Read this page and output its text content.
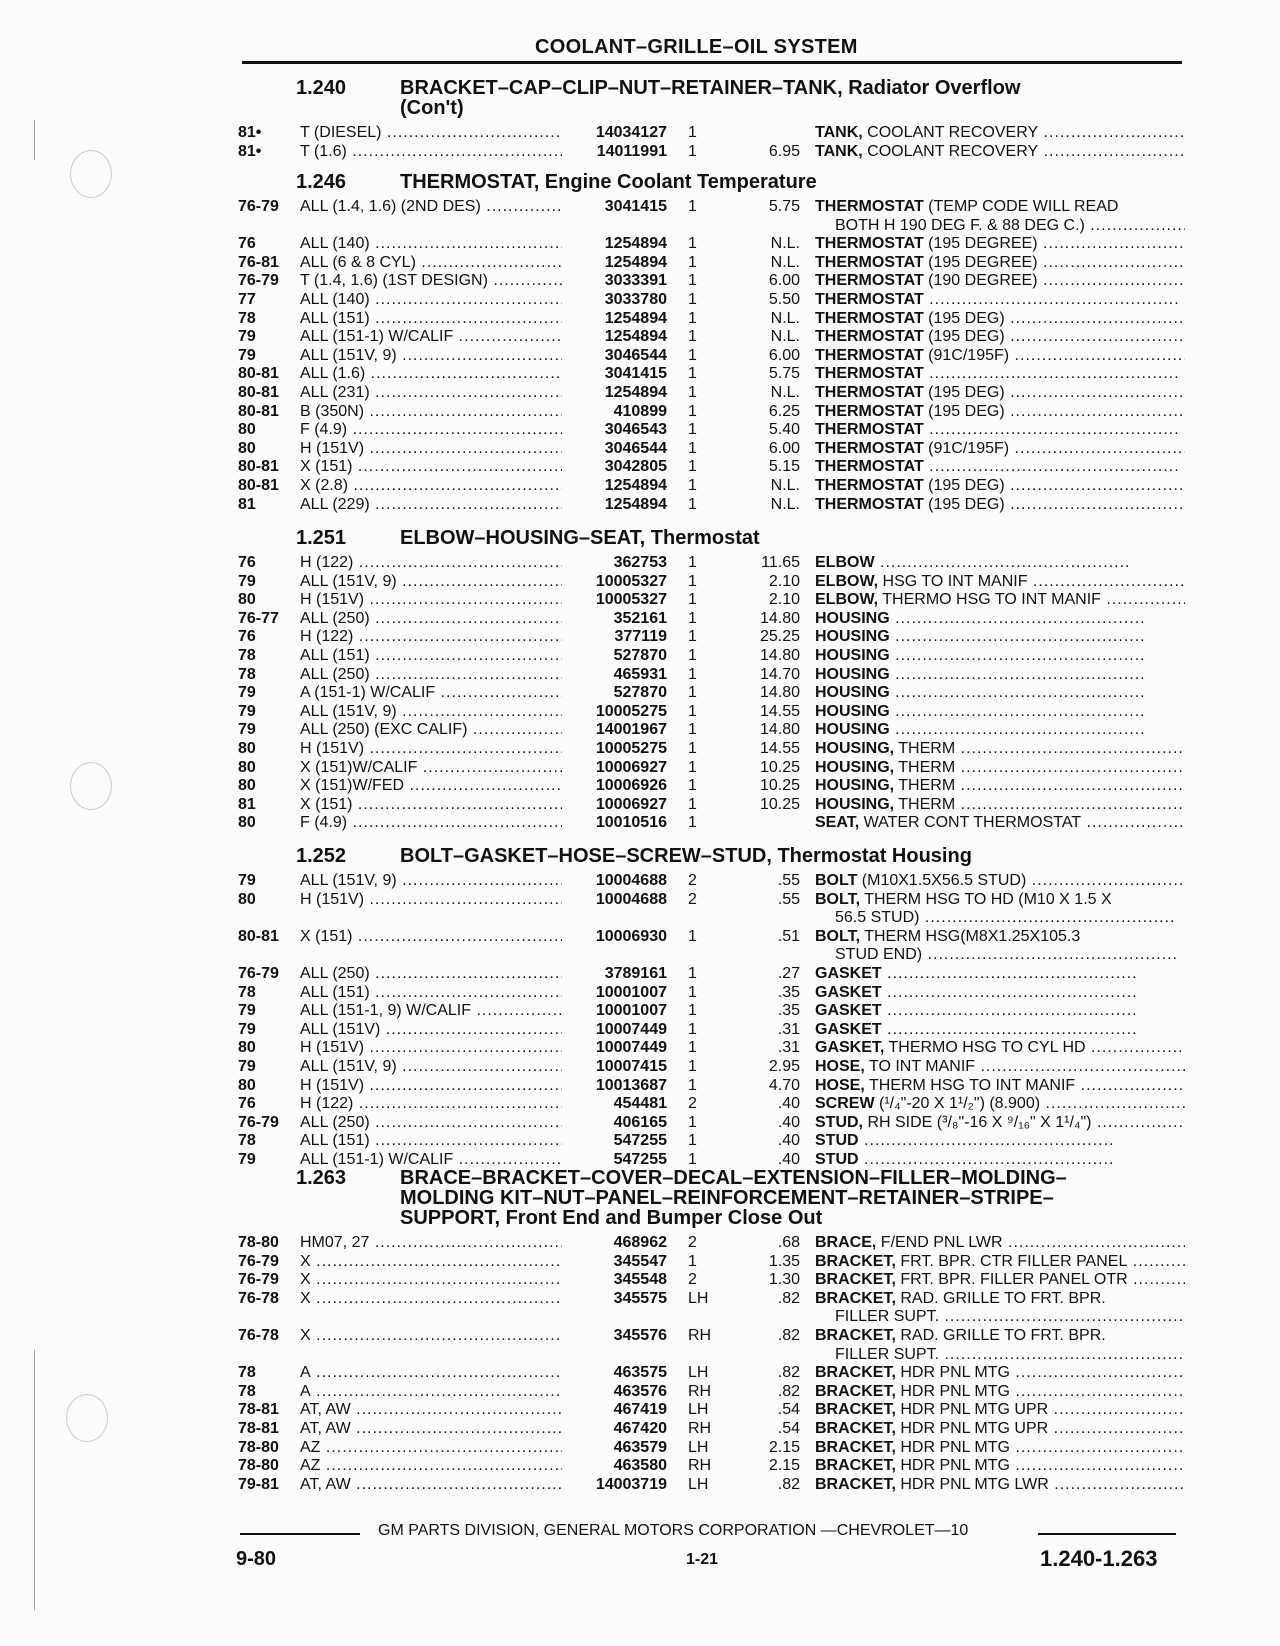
COOLANT–GRILLE–OIL SYSTEM
1.240	BRACKET–CAP–CLIP–NUT–RETAINER–TANK, Radiator Overflow
(Con't)
81•	T (DIESEL) .....	14034127 1	TANK, COOLANT RECOVERY .....
81•	T (1.6) .....	14011991 1	6.95 TANK, COOLANT RECOVERY .....
1.246	THERMOSTAT, Engine Coolant Temperature
76-79	ALL (1.4, 1.6) (2ND DES) .....	3041415 1	5.75 THERMOSTAT (TEMP CODE WILL READ
BOTH H 190 DEG F. & 88 DEG C.) .....
76	ALL (140) .....	1254894 1	N.L. THERMOSTAT (195 DEGREE) .....
76-81	ALL (6 & 8 CYL) .....	1254894 1	N.L. THERMOSTAT (195 DEGREE) .....
76-79	T (1.4, 1.6) (1ST DESIGN) .....	3033391 1	6.00 THERMOSTAT (190 DEGREE) .....
77	ALL (140) .....	3033780 1	5.50 THERMOSTAT .....
78	ALL (151) .....	1254894 1	N.L. THERMOSTAT (195 DEG) .....
79	ALL (151-1) W/CALIF .....	1254894 1	N.L. THERMOSTAT (195 DEG) .....
79	ALL (151V, 9) .....	3046544 1	6.00 THERMOSTAT (91C/195F) .....
80-81	ALL (1.6) .....	3041415 1	5.75 THERMOSTAT .....
80-81	ALL (231) .....	1254894 1	N.L. THERMOSTAT (195 DEG) .....
80-81	B (350N) .....	410899 1	6.25 THERMOSTAT (195 DEG) .....
80	F (4.9) .....	3046543 1	5.40 THERMOSTAT .....
80	H (151V) .....	3046544 1	6.00 THERMOSTAT (91C/195F) .....
80-81	X (151) .....	3042805 1	5.15 THERMOSTAT .....
80-81	X (2.8) .....	1254894 1	N.L. THERMOSTAT (195 DEG) .....
81	ALL (229) .....	1254894 1	N.L. THERMOSTAT (195 DEG) .....
1.251	ELBOW–HOUSING–SEAT, Thermostat
76	H (122) .....	362753 1	11.65 ELBOW .....
79	ALL (151V, 9) .....	10005327 1	2.10 ELBOW, HSG TO INT MANIF .....
80	H (151V) .....	10005327 1	2.10 ELBOW, THERMO HSG TO INT MANIF .....
76-77	ALL (250) .....	352161 1	14.80 HOUSING .....
76	H (122) .....	377119 1	25.25 HOUSING .....
78	ALL (151) .....	527870 1	14.80 HOUSING .....
78	ALL (250) .....	465931 1	14.70 HOUSING .....
79	A (151-1) W/CALIF .....	527870 1	14.80 HOUSING .....
79	ALL (151V, 9) .....	10005275 1	14.55 HOUSING .....
79	ALL (250) (EXC CALIF) .....	14001967 1	14.80 HOUSING .....
80	H (151V) .....	10005275 1	14.55 HOUSING, THERM .....
80	X (151)W/CALIF .....	10006927 1	10.25 HOUSING, THERM .....
80	X (151)W/FED .....	10006926 1	10.25 HOUSING, THERM .....
81	X (151) .....	10006927 1	10.25 HOUSING, THERM .....
80	F (4.9) .....	10010516 1	SEAT, WATER CONT THERMOSTAT .....
1.252	BOLT–GASKET–HOSE–SCREW–STUD, Thermostat Housing
79	ALL (151V, 9) .....	10004688 2	.55 BOLT (M10X1.5X56.5 STUD) .....
80	H (151V) .....	10004688 2	.55 BOLT, THERM HSG TO HD (M10 X 1.5 X
56.5 STUD) .....
80-81	X (151) .....	10006930 1	.51 BOLT, THERM HSG(M8X1.25X105.3
STUD END) .....
76-79	ALL (250) .....	3789161 1	.27 GASKET .....
78	ALL (151) .....	10001007 1	.35 GASKET .....
79	ALL (151-1, 9) W/CALIF .....	10001007 1	.35 GASKET .....
79	ALL (151V) .....	10007449 1	.31 GASKET .....
80	H (151V) .....	10007449 1	.31 GASKET, THERMO HSG TO CYL HD .....
79	ALL (151V, 9) .....	10007415 1	2.95 HOSE, TO INT MANIF .....
80	H (151V) .....	10013687 1	4.70 HOSE, THERM HSG TO INT MANIF .....
76	H (122) .....	454481 2	.40 SCREW (¹/₄"-20 X 1¹/₂") (8.900) .....
76-79	ALL (250) .....	406165 1	.40 STUD, RH SIDE (³/₈"-16 X ⁹/₁₆" X 1¹/₄") .....
78	ALL (151) .....	547255 1	.40 STUD .....
79	ALL (151-1) W/CALIF .....	547255 1	.40 STUD .....
1.263	BRACE–BRACKET–COVER–DECAL–EXTENSION–FILLER–MOLDING–
MOLDING KIT–NUT–PANEL–REINFORCEMENT–RETAINER–STRIPE–
SUPPORT, Front End and Bumper Close Out
78-80	HM07, 27 .....	468962 2	.68 BRACE, F/END PNL LWR .....
76-79	X .....	345547 1	1.35 BRACKET, FRT. BPR. CTR FILLER PANEL .....
76-79	X .....	345548 2	1.30 BRACKET, FRT. BPR. FILLER PANEL OTR .....
76-78	X .....	345575 LH	.82 BRACKET, RAD. GRILLE TO FRT. BPR.
FILLER SUPT. .....
76-78	X .....	345576 RH	.82 BRACKET, RAD. GRILLE TO FRT. BPR.
FILLER SUPT. .....
78	A .....	463575 LH	.82 BRACKET, HDR PNL MTG .....
78	A .....	463576 RH	.82 BRACKET, HDR PNL MTG .....
78-81	AT, AW .....	467419 LH	.54 BRACKET, HDR PNL MTG UPR .....
78-81	AT, AW .....	467420 RH	.54 BRACKET, HDR PNL MTG UPR .....
78-80	AZ .....	463579 LH	2.15 BRACKET, HDR PNL MTG .....
78-80	AZ .....	463580 RH	2.15 BRACKET, HDR PNL MTG .....
79-81	AT, AW .....	14003719 LH	.82 BRACKET, HDR PNL MTG LWR .....
GM PARTS DIVISION, GENERAL MOTORS CORPORATION —CHEVROLET—10
9-80	1-21	1.240-1.263
